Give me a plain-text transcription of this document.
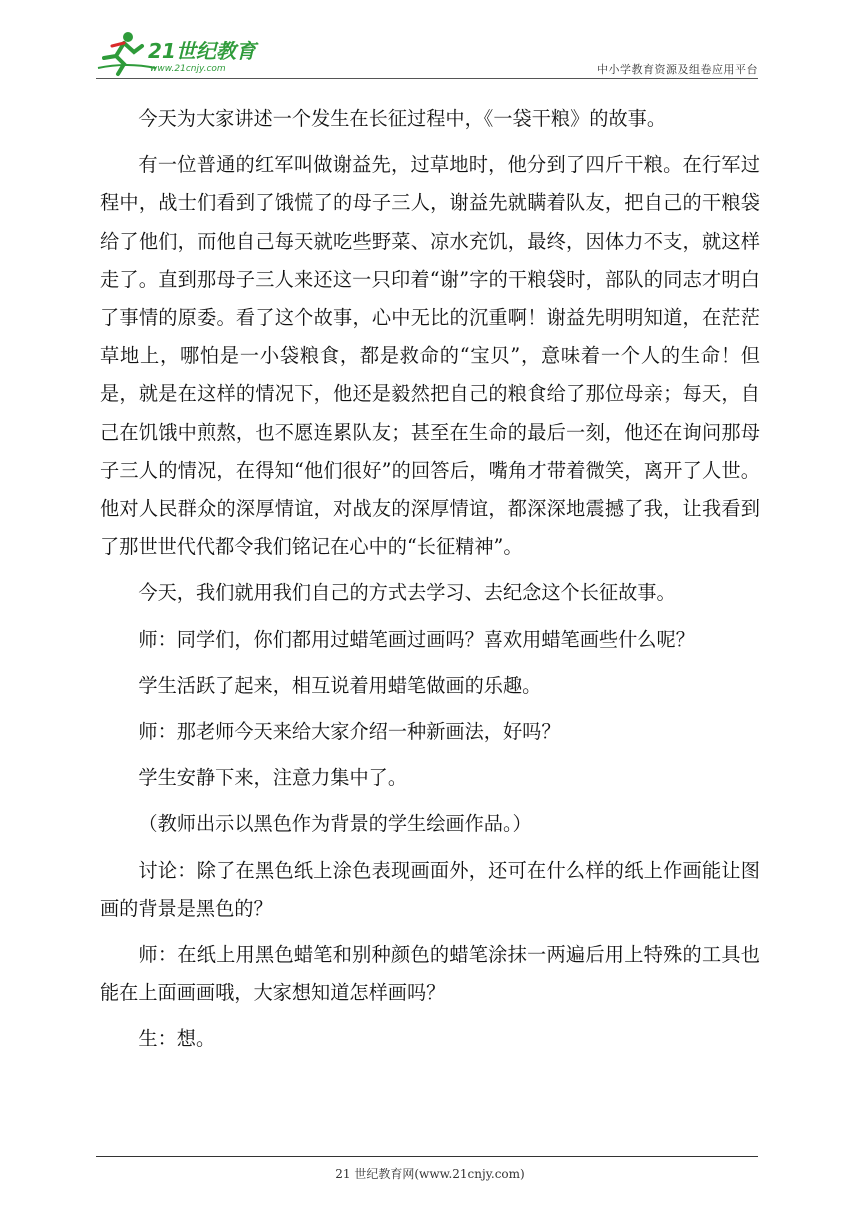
21世纪教育
www.21cnjy.com	中小学教育资源及组卷应用平台

今天为大家讲述一个发生在长征过程中，《一袋干粮》的故事。

有一位普通的红军叫做谢益先，过草地时，他分到了四斤干粮。在行军过程中，战士们看到了饿慌了的母子三人，谢益先就瞒着队友，把自己的干粮袋给了他们，而他自己每天就吃些野菜、凉水充饥，最终，因体力不支，就这样走了。直到那母子三人来还这一只印着“谢”字的干粮袋时，部队的同志才明白了事情的原委。看了这个故事，心中无比的沉重啊！谢益先明明知道，在茫茫草地上，哪怕是一小袋粮食，都是救命的“宝贝”，意味着一个人的生命！但是，就是在这样的情况下，他还是毅然把自己的粮食给了那位母亲；每天，自己在饥饿中煎熬，也不愿连累队友；甚至在生命的最后一刻，他还在询问那母子三人的情况，在得知“他们很好”的回答后，嘴角才带着微笑，离开了人世。他对人民群众的深厚情谊，对战友的深厚情谊，都深深地震撼了我，让我看到了那世世代代都令我们铭记在心中的“长征精神”。

今天，我们就用我们自己的方式去学习、去纪念这个长征故事。

师：同学们，你们都用过蜡笔画过画吗？喜欢用蜡笔画些什么呢？

学生活跃了起来，相互说着用蜡笔做画的乐趣。

师：那老师今天来给大家介绍一种新画法，好吗？

学生安静下来，注意力集中了。

（教师出示以黑色作为背景的学生绘画作品。）

讨论：除了在黑色纸上涂色表现画面外，还可在什么样的纸上作画能让图画的背景是黑色的？

师：在纸上用黑色蜡笔和别种颜色的蜡笔涂抹一两遍后用上特殊的工具也能在上面画画哦，大家想知道怎样画吗？

生：想。

21 世纪教育网(www.21cnjy.com)
